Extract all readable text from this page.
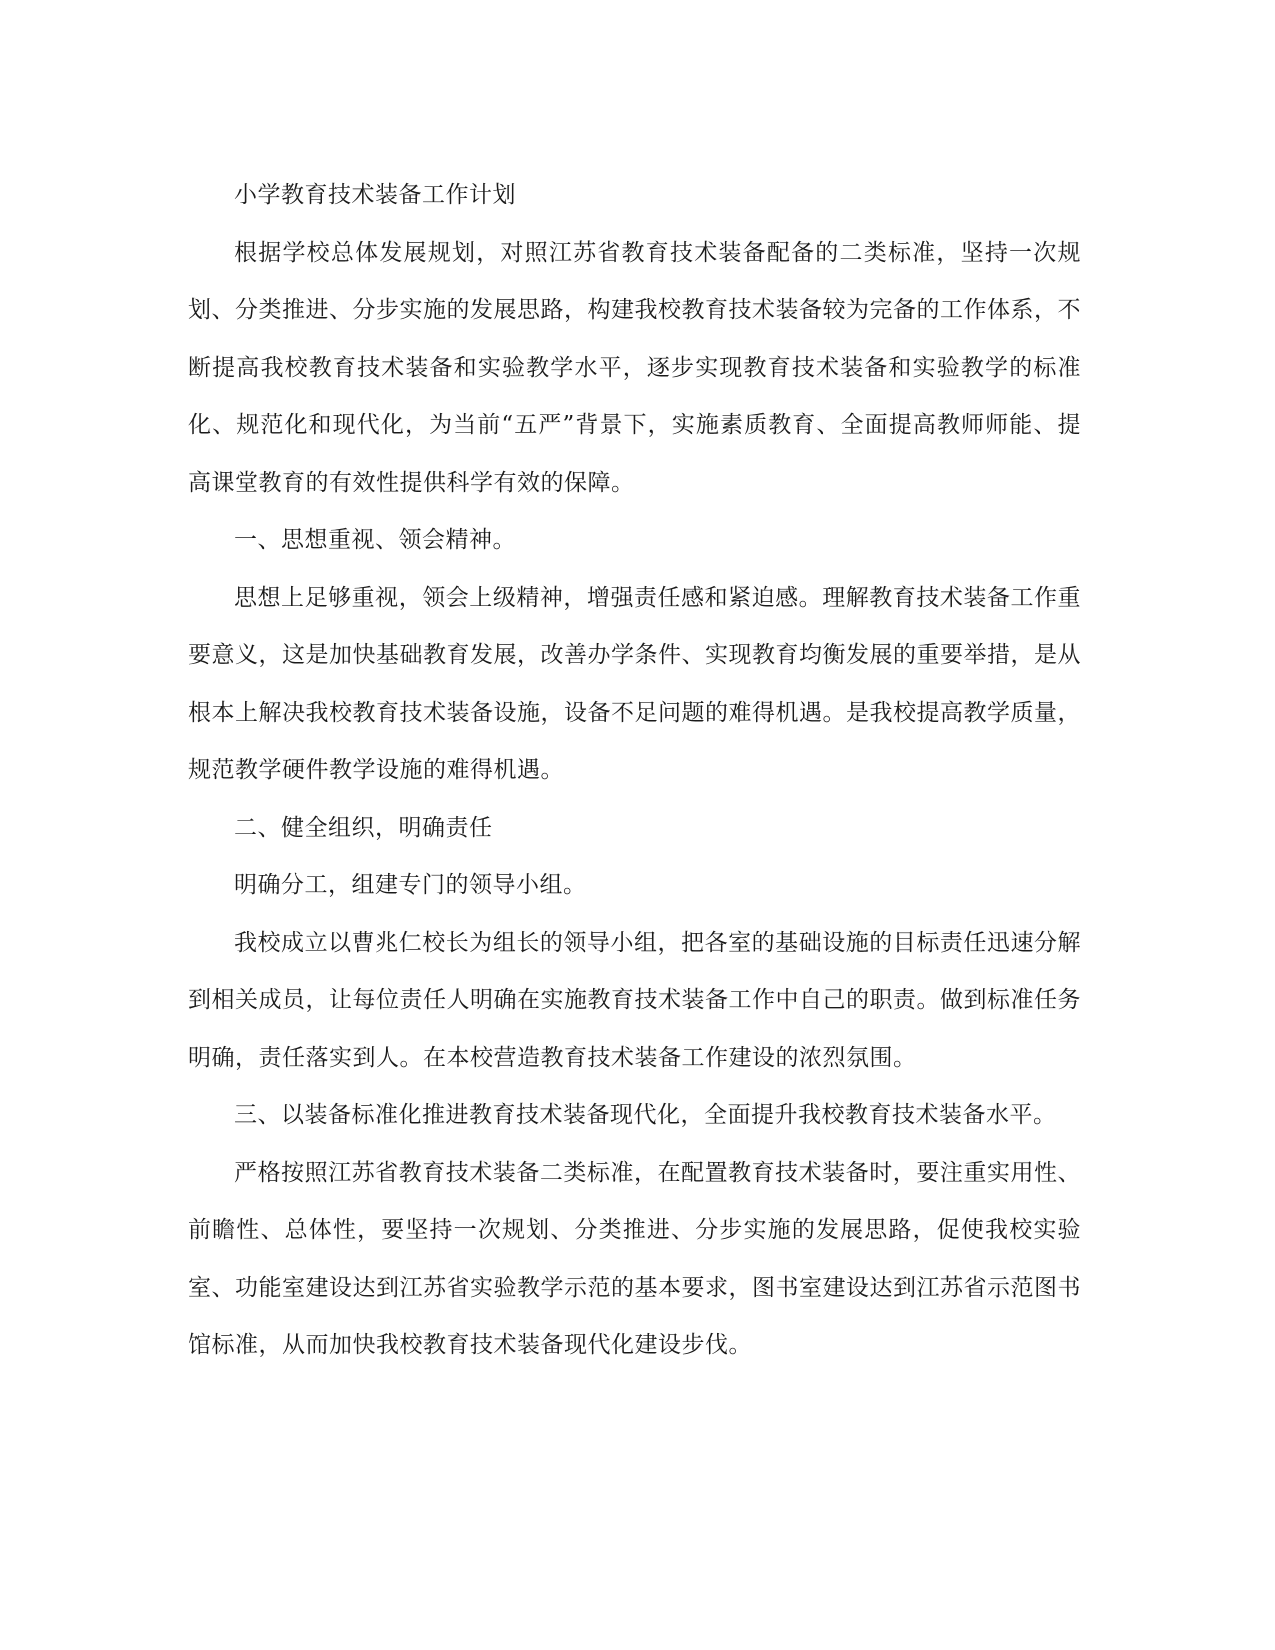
小学教育技术装备工作计划

根据学校总体发展规划，对照江苏省教育技术装备配备的二类标准，坚持一次规划、分类推进、分步实施的发展思路，构建我校教育技术装备较为完备的工作体系，不断提高我校教育技术装备和实验教学水平，逐步实现教育技术装备和实验教学的标准化、规范化和现代化，为当前“五严”背景下，实施素质教育、全面提高教师师能、提高课堂教育的有效性提供科学有效的保障。

一、思想重视、领会精神。

思想上足够重视，领会上级精神，增强责任感和紧迫感。理解教育技术装备工作重要意义，这是加快基础教育发展，改善办学条件、实现教育均衡发展的重要举措，是从根本上解决我校教育技术装备设施，设备不足问题的难得机遇。是我校提高教学质量，规范教学硬件教学设施的难得机遇。

二、健全组织，明确责任

明确分工，组建专门的领导小组。

我校成立以曹兆仁校长为组长的领导小组，把各室的基础设施的目标责任迅速分解到相关成员，让每位责任人明确在实施教育技术装备工作中自己的职责。做到标准任务明确，责任落实到人。在本校营造教育技术装备工作建设的浓烈氛围。

三、以装备标准化推进教育技术装备现代化，全面提升我校教育技术装备水平。

严格按照江苏省教育技术装备二类标准，在配置教育技术装备时，要注重实用性、前瞻性、总体性，要坚持一次规划、分类推进、分步实施的发展思路，促使我校实验室、功能室建设达到江苏省实验教学示范的基本要求，图书室建设达到江苏省示范图书馆标准，从而加快我校教育技术装备现代化建设步伐。
